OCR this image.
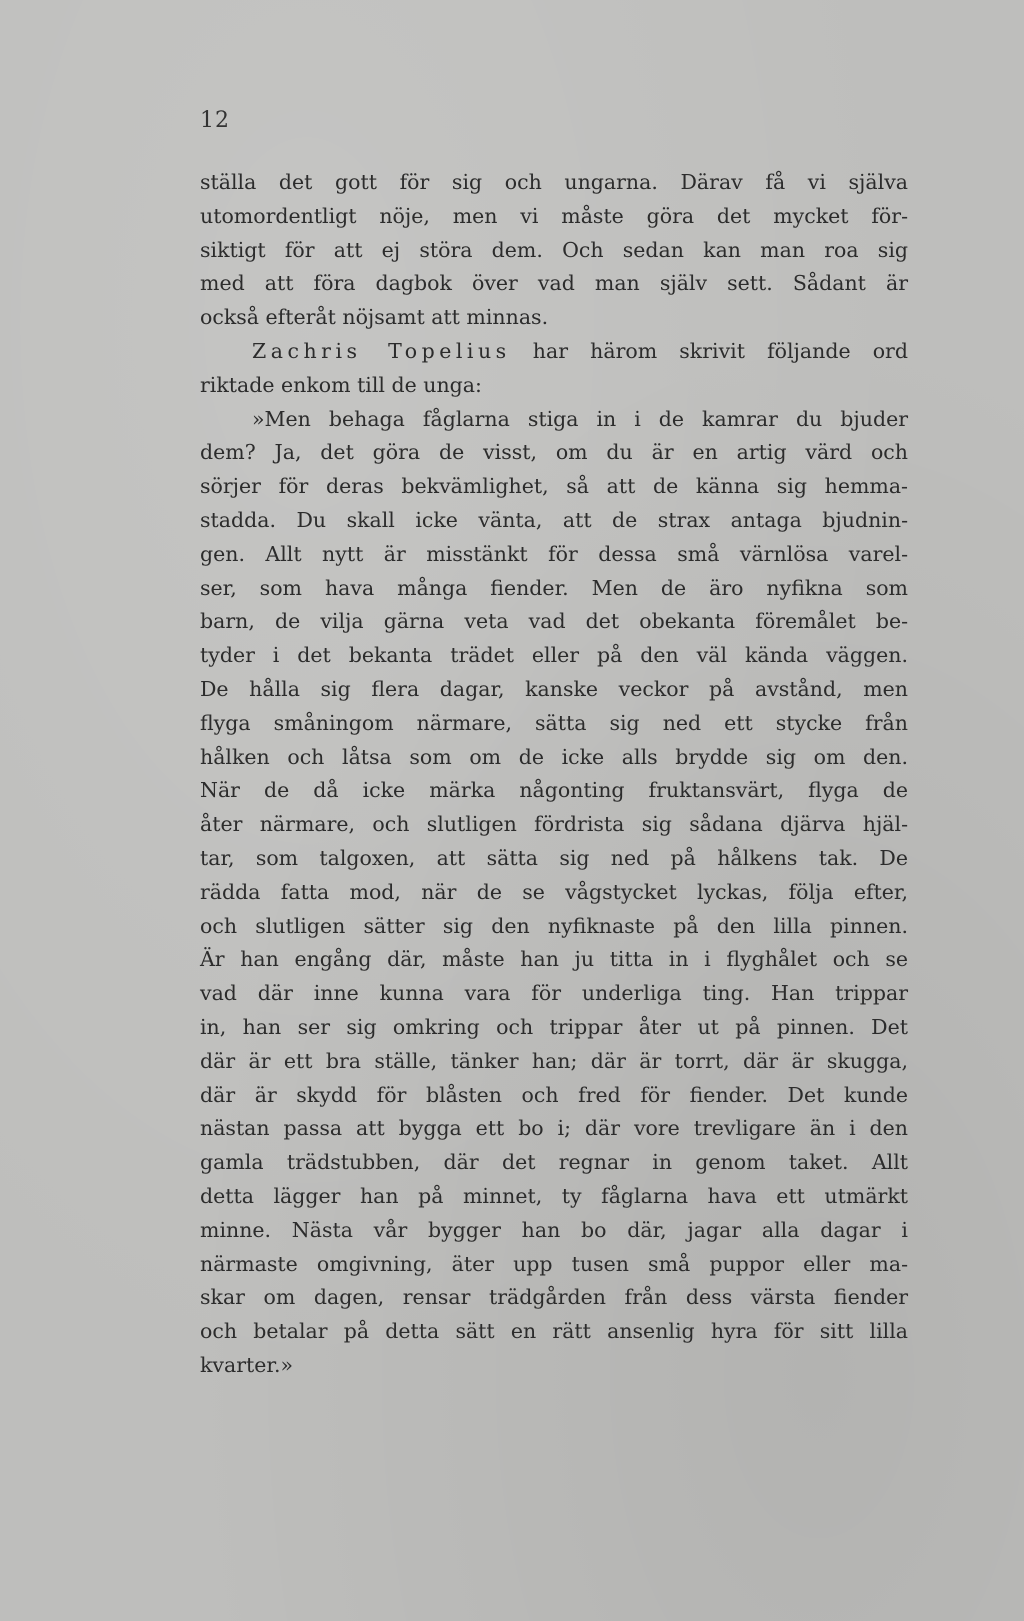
12
ställa det gott för sig och ungarna. Därav få vi själva
utomordentligt nöje, men vi måste göra det mycket för-
siktigt för att ej störa dem. Och sedan kan man roa sig
med att föra dagbok över vad man själv sett. Sådant är
också efteråt nöjsamt att minnas.
Zachris Topelius har härom skrivit följande ord
riktade enkom till de unga:
»Men behaga fåglarna stiga in i de kamrar du bjuder
dem? Ja, det göra de visst, om du är en artig värd och
sörjer för deras bekvämlighet, så att de känna sig hemma-
stadda. Du skall icke vänta, att de strax antaga bjudnin-
gen. Allt nytt är misstänkt för dessa små värnlösa varel-
ser, som hava många fiender. Men de äro nyfikna som
barn, de vilja gärna veta vad det obekanta föremålet be-
tyder i det bekanta trädet eller på den väl kända väggen.
De hålla sig flera dagar, kanske veckor på avstånd, men
flyga småningom närmare, sätta sig ned ett stycke från
hålken och låtsa som om de icke alls brydde sig om den.
När de då icke märka någonting fruktansvärt, flyga de
åter närmare, och slutligen fördrista sig sådana djärva hjäl-
tar, som talgoxen, att sätta sig ned på hålkens tak. De
rädda fatta mod, när de se vågstycket lyckas, följa efter,
och slutligen sätter sig den nyfiknaste på den lilla pinnen.
Är han engång där, måste han ju titta in i flyghålet och se
vad där inne kunna vara för underliga ting. Han trippar
in, han ser sig omkring och trippar åter ut på pinnen. Det
där är ett bra ställe, tänker han; där är torrt, där är skugga,
där är skydd för blåsten och fred för fiender. Det kunde
nästan passa att bygga ett bo i; där vore trevligare än i den
gamla trädstubben, där det regnar in genom taket. Allt
detta lägger han på minnet, ty fåglarna hava ett utmärkt
minne. Nästa vår bygger han bo där, jagar alla dagar i
närmaste omgivning, äter upp tusen små puppor eller ma-
skar om dagen, rensar trädgården från dess värsta fiender
och betalar på detta sätt en rätt ansenlig hyra för sitt lilla
kvarter.»
